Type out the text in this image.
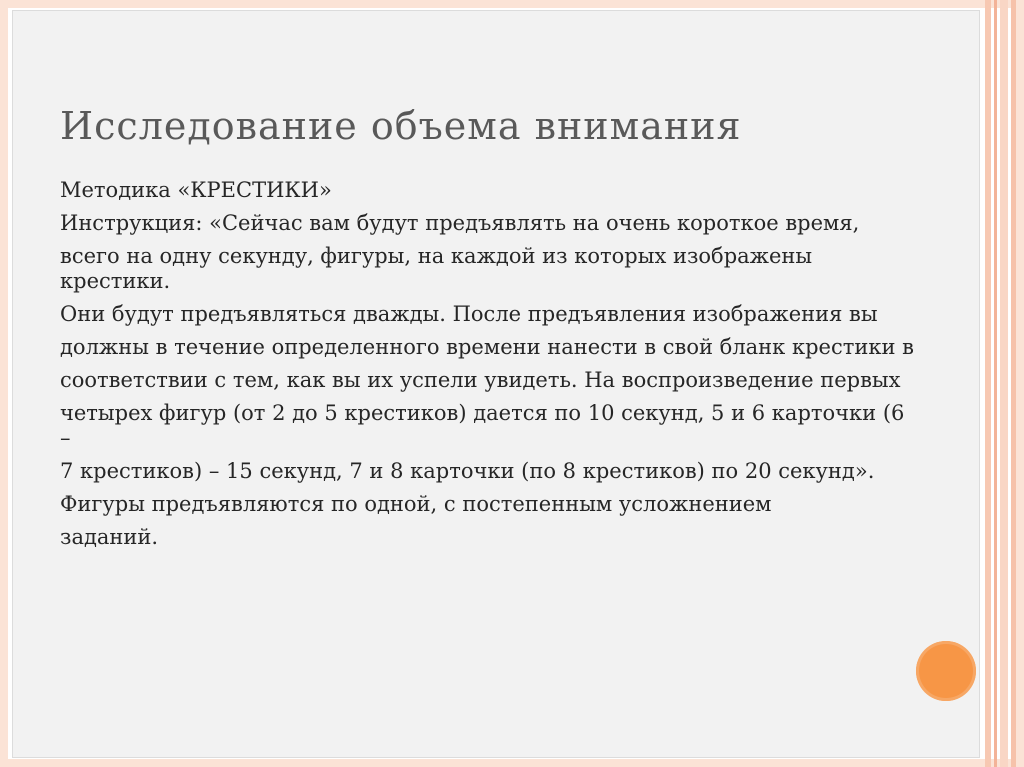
Исследование объема внимания

Методика «КРЕСТИКИ»

Инструкция: «Сейчас вам будут предъявлять на очень короткое время,

всего на одну секунду, фигуры, на каждой из которых изображены крестики.

Они будут предъявляться дважды. После предъявления изображения вы

должны в течение определенного времени нанести в свой бланк крестики в

соответствии с тем, как вы их успели увидеть. На воспроизведение первых

четырех фигур (от 2 до 5 крестиков) дается по 10 секунд, 5 и 6 карточки (6 –

7 крестиков) – 15 секунд, 7 и 8 карточки (по 8 крестиков) по 20 секунд».

Фигуры предъявляются по одной, с постепенным усложнением

заданий.
